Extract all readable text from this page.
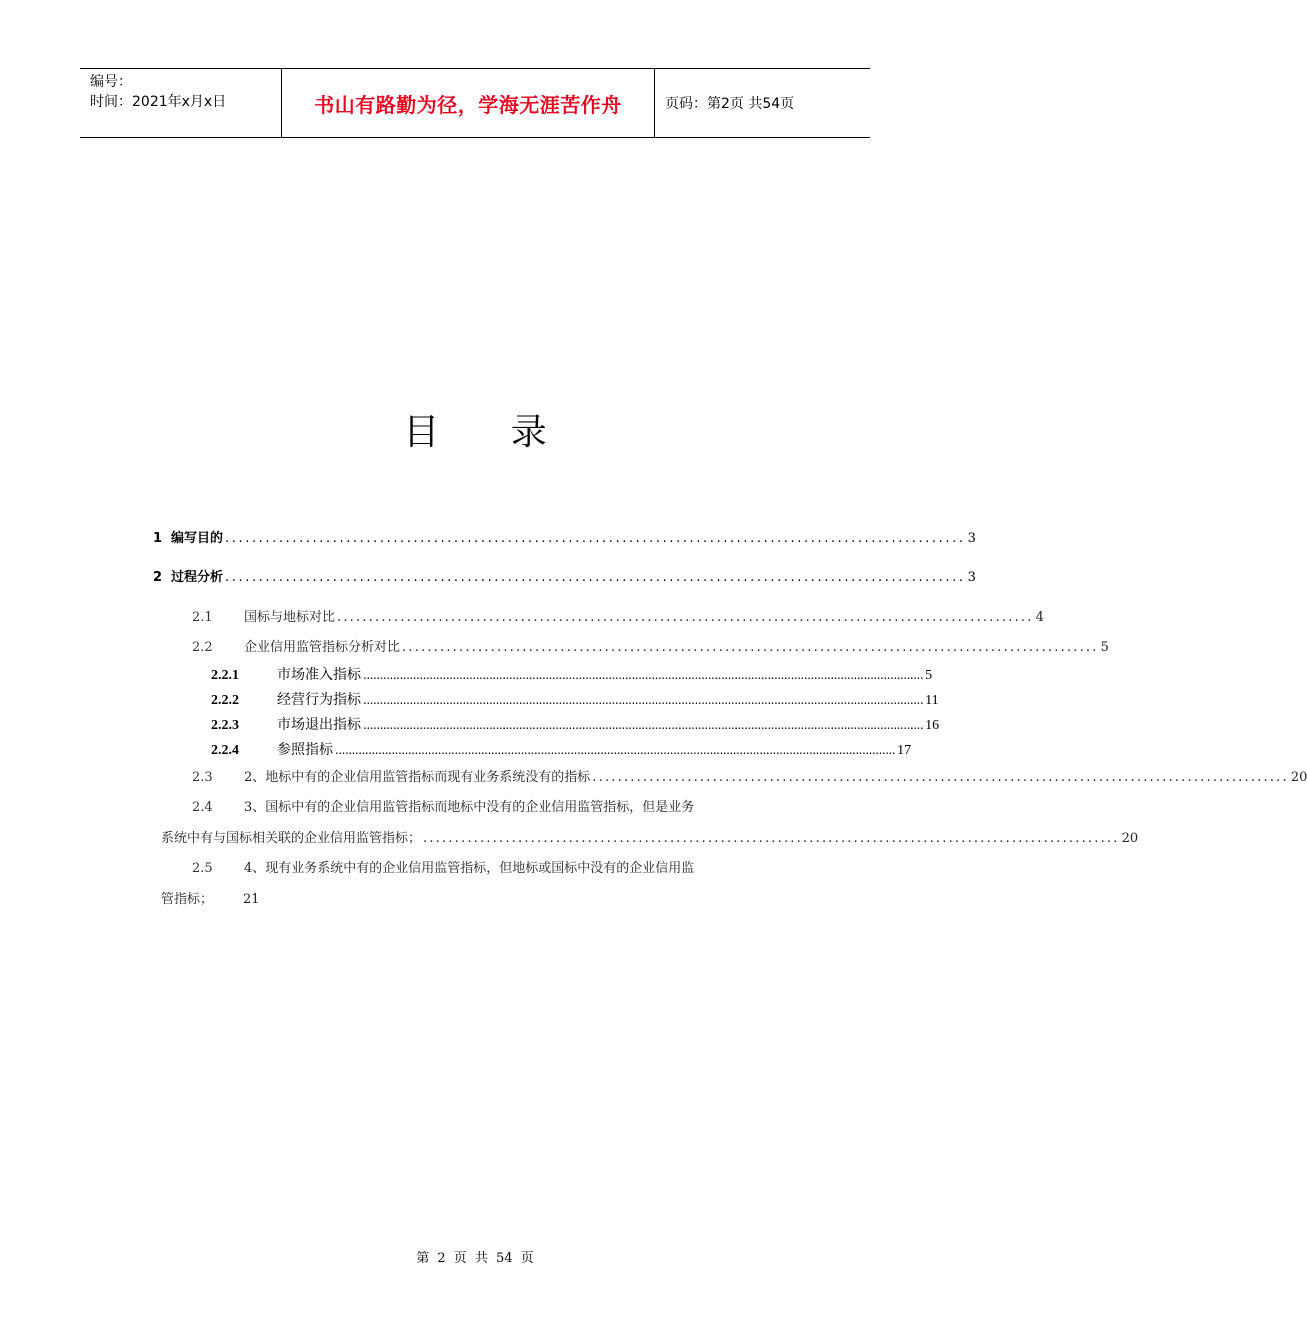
编号：
时间：2021年x月x日	书山有路勤为径，学海无涯苦作舟	页码：第2页 共54页
目 录
1 编写目的 .............................................................................................................. 3
2 过程分析 .............................................................................................................. 3
2.1 国标与地标对比 .............................................................................................................. 4
2.2 企业信用监管指标分析对比 .............................................................................................................. 5
2.2.1	市场准入指标 ......................................................................................................................................................................... 5
2.2.2	经营行为指标 ......................................................................................................................................................................... 11
2.2.3	市场退出指标 ......................................................................................................................................................................... 16
2.2.4	参照指标 ......................................................................................................................................................................... 17
2.3 2、地标中有的企业信用监管指标而现有业务系统没有的指标 .............................................................................................................. 20
2.4 3、国标中有的企业信用监管指标而地标中没有的企业信用监管指标，但是业务
系统中有与国标相关联的企业信用监管指标； .............................................................................................................. 20
2.5 4、现有业务系统中有的企业信用监管指标，但地标或国标中没有的企业信用监
管指标； 21
第 2 页 共 54 页
